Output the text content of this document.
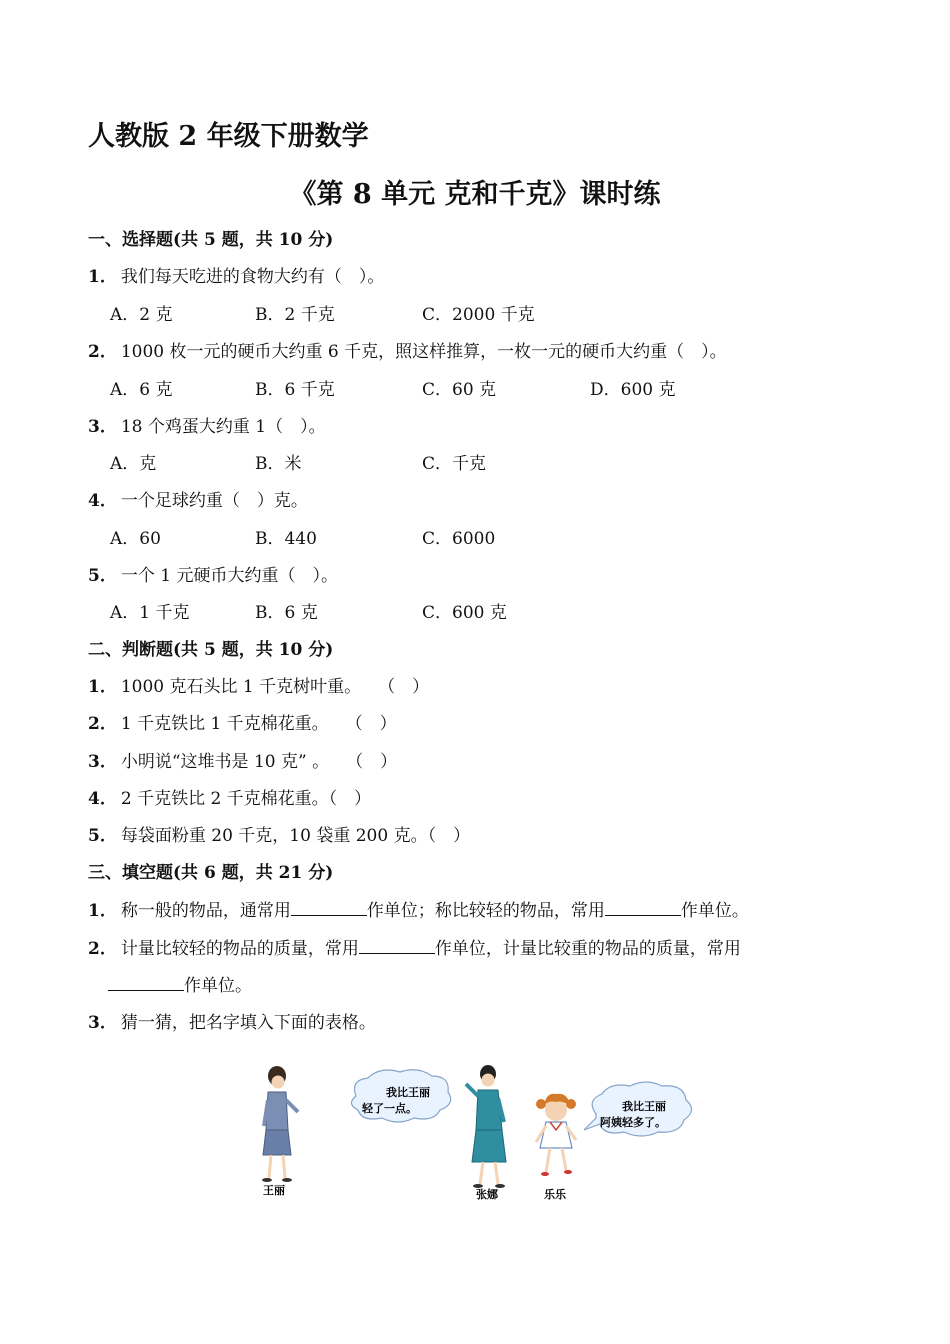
人教版 2 年级下册数学
《第 8 单元 克和千克》课时练
一、选择题(共 5 题，共 10 分)
1． 我们每天吃进的食物大约有（　）。
A．2 克	B．2 千克	C．2000 千克
2． 1000 枚一元的硬币大约重 6 千克，照这样推算，一枚一元的硬币大约重（　）。
A．6 克	B．6 千克	C．60 克	D．600 克
3． 18 个鸡蛋大约重 1（　）。
A．克	B．米	C．千克
4． 一个足球约重（　）克。
A．60	B．440	C．6000
5． 一个 1 元硬币大约重（　）。
A．1 千克	B．6 克	C．600 克
二、判断题(共 5 题，共 10 分)
1． 1000 克石头比 1 千克树叶重。　　（　）
2． 1 千克铁比 1 千克棉花重。　　（　）
3． 小明说“这堆书是 10 克” 。　　（　）
4． 2 千克铁比 2 千克棉花重。（　）
5． 每袋面粉重 20 千克，10 袋重 200 克。（　）
三、填空题(共 6 题，共 21 分)
1． 称一般的物品，通常用	作单位；称比较轻的物品，常用	作单位。
2． 计量比较轻的物品的质量，常用	作单位，计量比较重的物品的质量，常用
作单位。
3． 猜一猜，把名字填入下面的表格。
王丽
我比王丽
轻了一点。
张娜	乐乐
我比王丽
阿姨轻多了。
